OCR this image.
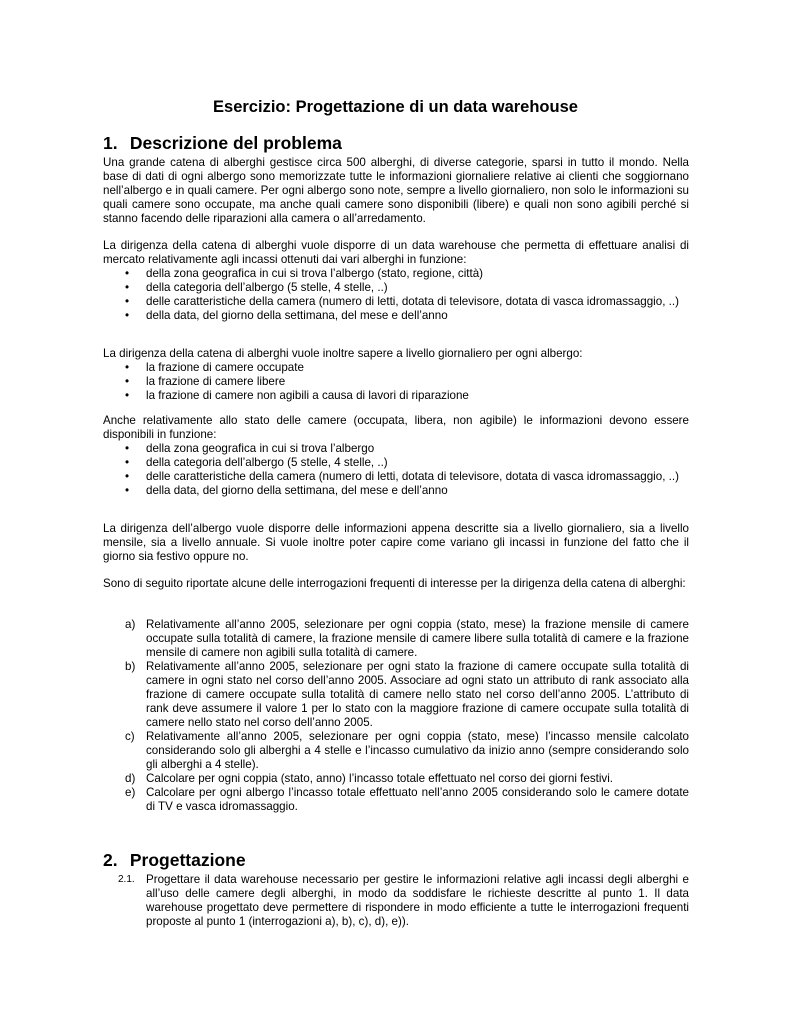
Esercizio: Progettazione di un data warehouse
1. Descrizione del problema

Una grande catena di alberghi gestisce circa 500 alberghi, di diverse categorie, sparsi in tutto il mondo. Nella base di dati di ogni albergo sono memorizzate tutte le informazioni giornaliere relative ai clienti che soggiornano nell’albergo e in quali camere. Per ogni albergo sono note, sempre a livello giornaliero, non solo le informazioni su quali camere sono occupate, ma anche quali camere sono disponibili (libere) e quali non sono agibili perché si stanno facendo delle riparazioni alla camera o all’arredamento.

La dirigenza della catena di alberghi vuole disporre di un data warehouse che permetta di effettuare analisi di mercato relativamente agli incassi ottenuti dai vari alberghi in funzione:

• della zona geografica in cui si trova l’albergo (stato, regione, città)
• della categoria dell’albergo (5 stelle, 4 stelle, ..)
• delle caratteristiche della camera (numero di letti, dotata di televisore, dotata di vasca idromassaggio, ..)
• della data, del giorno della settimana, del mese e dell’anno

La dirigenza della catena di alberghi vuole inoltre sapere a livello giornaliero per ogni albergo:

• la frazione di camere occupate
• la frazione di camere libere
• la frazione di camere non agibili a causa di lavori di riparazione

Anche relativamente allo stato delle camere (occupata, libera, non agibile) le informazioni devono essere disponibili in funzione:

• della zona geografica in cui si trova l’albergo
• della categoria dell’albergo (5 stelle, 4 stelle, ..)
• delle caratteristiche della camera (numero di letti, dotata di televisore, dotata di vasca idromassaggio, ..)
• della data, del giorno della settimana, del mese e dell’anno

La dirigenza dell’albergo vuole disporre delle informazioni appena descritte sia a livello giornaliero, sia a livello mensile, sia a livello annuale. Si vuole inoltre poter capire come variano gli incassi in funzione del fatto che il giorno sia festivo oppure no.

Sono di seguito riportate alcune delle interrogazioni frequenti di interesse per la dirigenza della catena di alberghi:

a) Relativamente all’anno 2005, selezionare per ogni coppia (stato, mese) la frazione mensile di camere occupate sulla totalità di camere, la frazione mensile di camere libere sulla totalità di camere e la frazione mensile di camere non agibili sulla totalità di camere.
b) Relativamente all’anno 2005, selezionare per ogni stato la frazione di camere occupate sulla totalità di camere in ogni stato nel corso dell’anno 2005. Associare ad ogni stato un attributo di rank associato alla frazione di camere occupate sulla totalità di camere nello stato nel corso dell’anno 2005. L’attributo di rank deve assumere il valore 1 per lo stato con la maggiore frazione di camere occupate sulla totalità di camere nello stato nel corso dell’anno 2005.
c) Relativamente all’anno 2005, selezionare per ogni coppia (stato, mese) l’incasso mensile calcolato considerando solo gli alberghi a 4 stelle e l’incasso cumulativo da inizio anno (sempre considerando solo gli alberghi a 4 stelle).
d) Calcolare per ogni coppia (stato, anno) l’incasso totale effettuato nel corso dei giorni festivi.
e) Calcolare per ogni albergo l’incasso totale effettuato nell’anno 2005 considerando solo le camere dotate di TV e vasca idromassaggio.
2. Progettazione
2.1. Progettare il data warehouse necessario per gestire le informazioni relative agli incassi degli alberghi e all’uso delle camere degli alberghi, in modo da soddisfare le richieste descritte al punto 1. Il data warehouse progettato deve permettere di rispondere in modo efficiente a tutte le interrogazioni frequenti proposte al punto 1 (interrogazioni a), b), c), d), e)).
